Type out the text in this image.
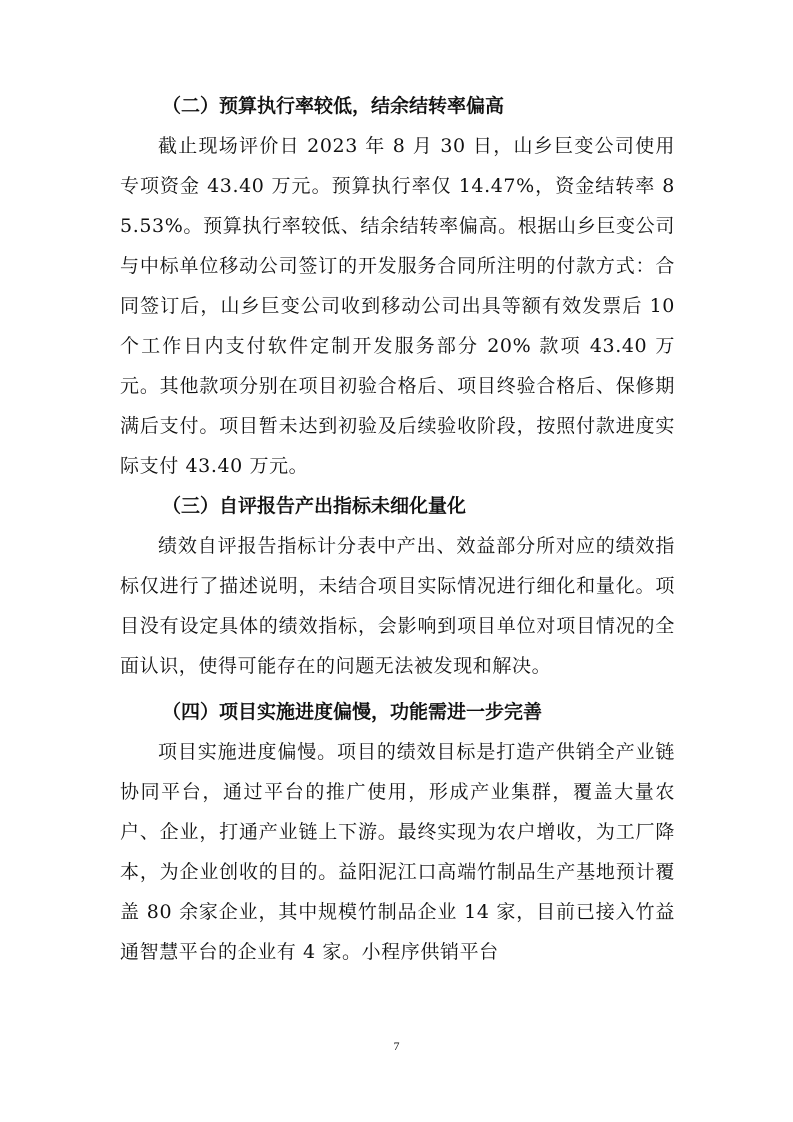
（二）预算执行率较低，结余结转率偏高

截止现场评价日 2023 年 8 月 30 日，山乡巨变公司使用专项资金 43.40 万元。预算执行率仅 14.47%，资金结转率 85.53%。预算执行率较低、结余结转率偏高。根据山乡巨变公司与中标单位移动公司签订的开发服务合同所注明的付款方式：合同签订后，山乡巨变公司收到移动公司出具等额有效发票后 10 个工作日内支付软件定制开发服务部分 20% 款项 43.40 万元。其他款项分别在项目初验合格后、项目终验合格后、保修期满后支付。项目暂未达到初验及后续验收阶段，按照付款进度实际支付 43.40 万元。

（三）自评报告产出指标未细化量化

绩效自评报告指标计分表中产出、效益部分所对应的绩效指标仅进行了描述说明，未结合项目实际情况进行细化和量化。项目没有设定具体的绩效指标，会影响到项目单位对项目情况的全面认识，使得可能存在的问题无法被发现和解决。

（四）项目实施进度偏慢，功能需进一步完善

项目实施进度偏慢。项目的绩效目标是打造产供销全产业链协同平台，通过平台的推广使用，形成产业集群，覆盖大量农户、企业，打通产业链上下游。最终实现为农户增收，为工厂降本，为企业创收的目的。益阳泥江口高端竹制品生产基地预计覆盖 80 余家企业，其中规模竹制品企业 14 家，目前已接入竹益通智慧平台的企业有 4 家。小程序供销平台

7
